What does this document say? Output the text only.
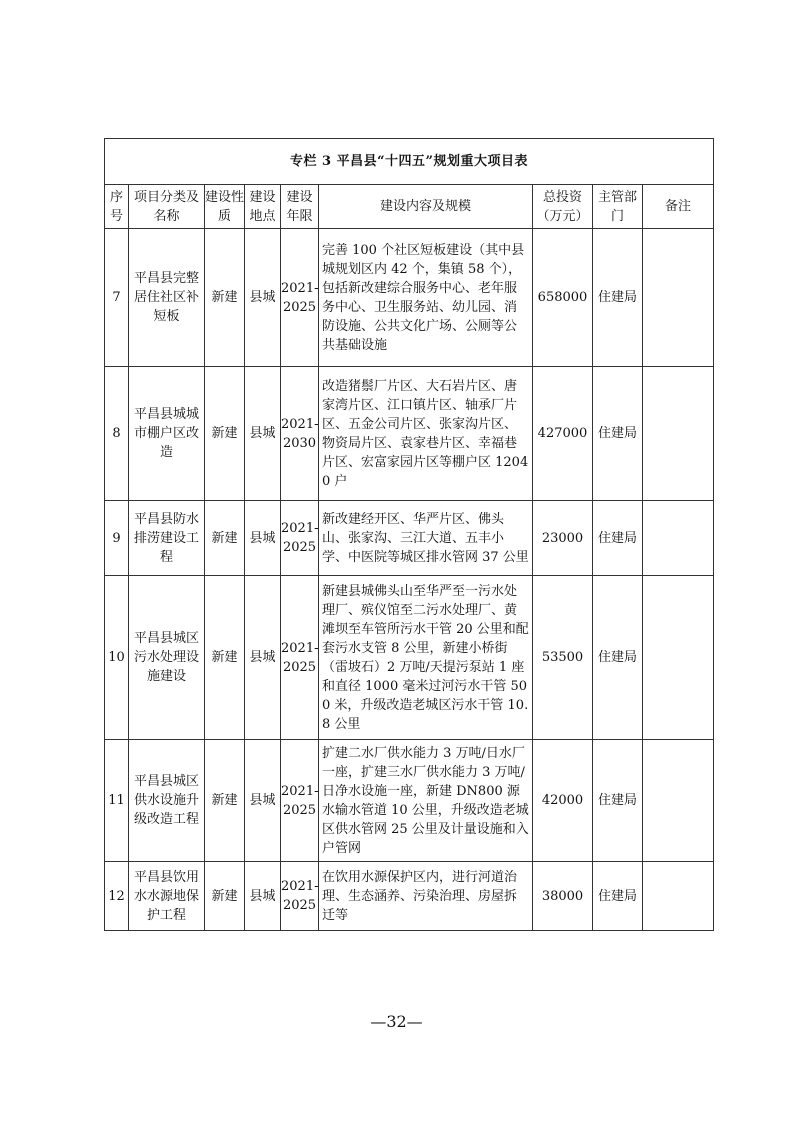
专栏 3 平昌县“十四五”规划重大项目表								
序号	项目分类及名称	建设性质	建设地点	建设年限	建设内容及规模	总投资（万元）	主管部门	备注
7	平昌县完整居住社区补短板	新建	县城	2021-2025	完善 100 个社区短板建设（其中县城规划区内 42 个，集镇 58 个），包括新改建综合服务中心、老年服务中心、卫生服务站、幼儿园、消防设施、公共文化广场、公厕等公共基础设施	658000	住建局	
8	平昌县城城市棚户区改造	新建	县城	2021-2030	改造猪鬃厂片区、大石岩片区、唐家湾片区、江口镇片区、轴承厂片区、五金公司片区、张家沟片区、物资局片区、袁家巷片区、幸福巷片区、宏富家园片区等棚户区 12040 户	427000	住建局	
9	平昌县防水排涝建设工程	新建	县城	2021-2025	新改建经开区、华严片区、佛头山、张家沟、三江大道、五丰小学、中医院等城区排水管网 37 公里	23000	住建局	
10	平昌县城区污水处理设施建设	新建	县城	2021-2025	新建县城佛头山至华严至一污水处理厂、殡仪馆至二污水处理厂、黄滩坝至车管所污水干管 20 公里和配套污水支管 8 公里，新建小桥街（雷坡石）2 万吨/天提污泵站 1 座和直径 1000 毫米过河污水干管 500 米，升级改造老城区污水干管 10.8 公里	53500	住建局	
11	平昌县城区供水设施升级改造工程	新建	县城	2021-2025	扩建二水厂供水能力 3 万吨/日水厂一座，扩建三水厂供水能力 3 万吨/日净水设施一座，新建 DN800 源水输水管道 10 公里，升级改造老城区供水管网 25 公里及计量设施和入户管网	42000	住建局	
12	平昌县饮用水水源地保护工程	新建	县城	2021-2025	在饮用水源保护区内，进行河道治理、生态涵养、污染治理、房屋拆迁等	38000	住建局	
—32—
